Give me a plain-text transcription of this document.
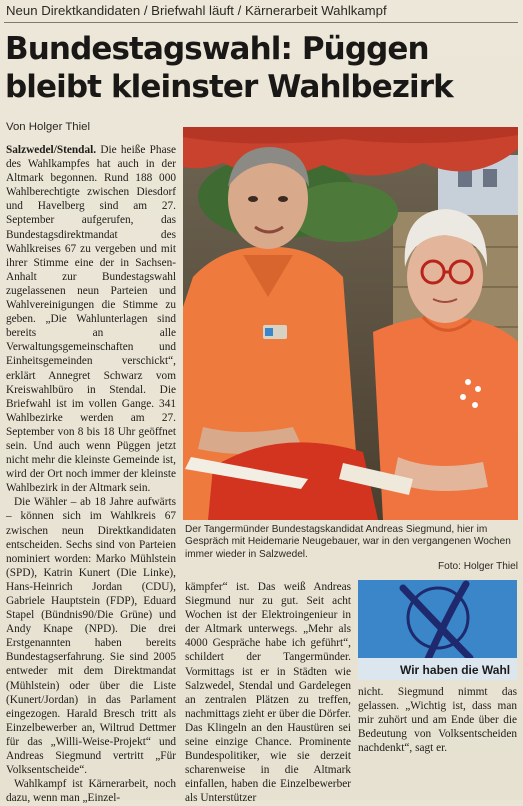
Neun Direktkandidaten / Briefwahl läuft / Kärnerarbeit Wahlkampf
Bundestagswahl: Püggen
bleibt kleinster Wahlbezirk
Von Holger Thiel

Salzwedel/Stendal. Die heiße Phase des Wahlkampfes hat auch in der Altmark begonnen. Rund 188 000 Wahlberechtigte zwischen Diesdorf und Havelberg sind am 27. September aufgerufen, das Bundestagsdirektmandat des Wahlkreises 67 zu vergeben und mit ihrer Stimme eine der in Sachsen-Anhalt zur Bundestagswahl zugelassenen neun Parteien und Wahlvereinigungen die Stimme zu geben. „Die Wahlunterlagen sind bereits an alle Verwaltungsgemeinschaften und Einheitsgemeinden verschickt“, erklärt Annegret Schwarz vom Kreiswahlbüro in Stendal. Die Briefwahl ist im vollen Gange. 341 Wahlbezirke werden am 27. September von 8 bis 18 Uhr geöffnet sein. Und auch wenn Püggen jetzt nicht mehr die kleinste Gemeinde ist, wird der Ort noch immer der kleinste Wahlbezirk in der Altmark sein.

Die Wähler – ab 18 Jahre aufwärts – können sich im Wahlkreis 67 zwischen neun Direktkandidaten entscheiden. Sechs sind von Parteien nominiert worden: Marko Mühlstein (SPD), Katrin Kunert (Die Linke), Hans-Heinrich Jordan (CDU), Gabriele Hauptstein (FDP), Eduard Stapel (Bündnis90/Die Grüne) und Andy Knape (NPD). Die drei Erstgenannten haben bereits Bundestagserfahrung. Sie sind 2005 entweder mit dem Direktmandat (Mühlstein) oder über die Liste (Kunert/Jordan) in das Parlament eingezogen. Harald Bresch tritt als Einzelbewerber an, Wiltrud Dettmer für das „Willi-Weise-Projekt“ und Andreas Siegmund vertritt „Für Volksentscheide“.

Wahlkampf ist Kärnerarbeit, noch dazu, wenn man „Einzel-

Der Tangermünder Bundestagskandidat Andreas Siegmund, hier im Gespräch mit Heidemarie Neugebauer, war in den vergangenen Wochen immer wieder in Salzwedel.
Foto: Holger Thiel

kämpfer“ ist. Das weiß Andreas Siegmund nur zu gut. Seit acht Wochen ist der Elektroingenieur in der Altmark unterwegs. „Mehr als 4000 Gespräche habe ich geführt“, schildert der Tangermünder. Vormittags ist er in Städten wie Salzwedel, Stendal und Gardelegen an zentralen Plätzen zu treffen, nachmittags zieht er über die Dörfer. Das Klingeln an den Haustüren sei seine einzige Chance. Prominente Bundespolitiker, wie sie derzeit scharenweise in die Altmark einfallen, haben die Einzelbewerber als Unterstützer

Wir haben die Wahl

nicht. Siegmund nimmt das gelassen. „Wichtig ist, dass man mir zuhört und am Ende über die Bedeutung von Volksentscheiden nachdenkt“, sagt er.
